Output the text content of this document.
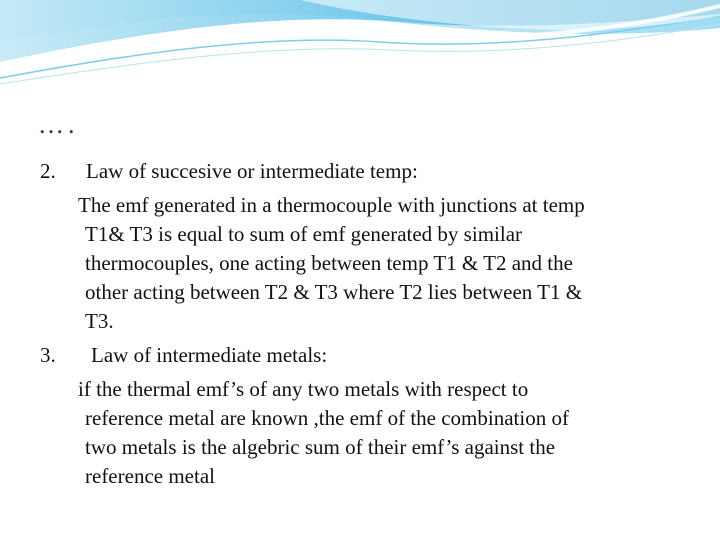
….
2. Law of succesive or intermediate temp:
The emf generated in a thermocouple with junctions at temp
T1& T3 is equal to sum of emf generated by similar
thermocouples, one acting between temp T1 & T2 and the
other acting between T2 & T3 where T2 lies between T1 &
T3.
3. Law of intermediate metals:
if the thermal emf’s of any two metals with respect to
reference metal are known ,the emf of the combination of
two metals is the algebric sum of their emf’s against the
reference metal
